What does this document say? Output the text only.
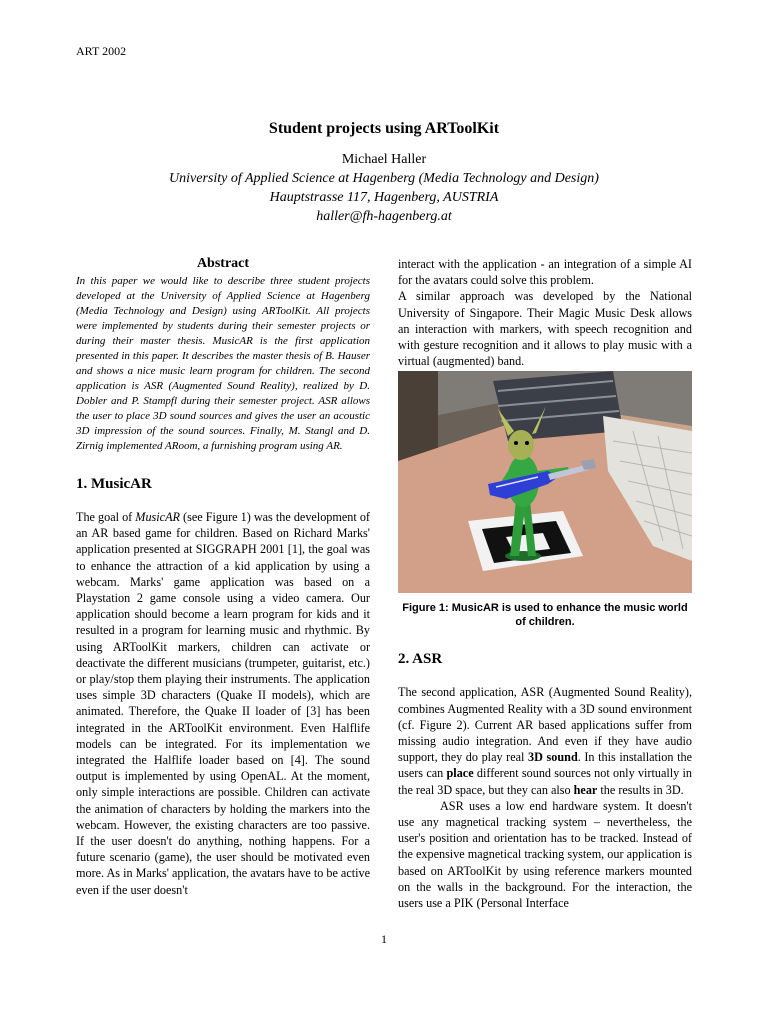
ART 2002
Student projects using ARToolKit
Michael Haller
University of Applied Science at Hagenberg (Media Technology and Design)
Hauptstrasse 117, Hagenberg, AUSTRIA
haller@fh-hagenberg.at
Abstract

In this paper we would like to describe three student projects developed at the University of Applied Science at Hagenberg (Media Technology and Design) using ARToolKit. All projects were implemented by students during their semester projects or during their master thesis. MusicAR is the first application presented in this paper. It describes the master thesis of B. Hauser and shows a nice music learn program for children. The second application is ASR (Augmented Sound Reality), realized by D. Dobler and P. Stampfl during their semester project. ASR allows the user to place 3D sound sources and gives the user an acoustic 3D impression of the sound sources. Finally, M. Stangl and D. Zirnig implemented ARoom, a furnishing program using AR.

1. MusicAR

The goal of MusicAR (see Figure 1) was the development of an AR based game for children. Based on Richard Marks' application presented at SIGGRAPH 2001 [1], the goal was to enhance the attraction of a kid application by using a webcam. Marks' game application was based on a Playstation 2 game console using a video camera. Our application should become a learn program for kids and it resulted in a program for learning music and rhythmic. By using ARToolKit markers, children can activate or deactivate the different musicians (trumpeter, guitarist, etc.) or play/stop them playing their instruments. The application uses simple 3D characters (Quake II models), which are animated. Therefore, the Quake II loader of [3] has been integrated in the ARToolKit environment. Even Halflife models can be integrated. For its implementation we integrated the Halflife loader based on [4]. The sound output is implemented by using OpenAL. At the moment, only simple interactions are possible. Children can activate the animation of characters by holding the markers into the webcam. However, the existing characters are too passive. If the user doesn't do anything, nothing happens. For a future scenario (game), the user should be motivated even more. As in Marks' application, the avatars have to be active even if the user doesn't

interact with the application - an integration of a simple AI for the avatars could solve this problem.

A similar approach was developed by the National University of Singapore. Their Magic Music Desk allows an interaction with markers, with speech recognition and with gesture recognition and it allows to play music with a virtual (augmented) band.

Figure 1: MusicAR is used to enhance the music world of children.

2. ASR

The second application, ASR (Augmented Sound Reality), combines Augmented Reality with a 3D sound environment (cf. Figure 2). Current AR based applications suffer from missing audio integration. And even if they have audio support, they do play real 3D sound. In this installation the users can place different sound sources not only virtually in the real 3D space, but they can also hear the results in 3D.

ASR uses a low end hardware system. It doesn't use any magnetical tracking system – nevertheless, the user's position and orientation has to be tracked. Instead of the expensive magnetical tracking system, our application is based on ARToolKit by using reference markers mounted on the walls in the background. For the interaction, the users use a PIK (Personal Interface

1
